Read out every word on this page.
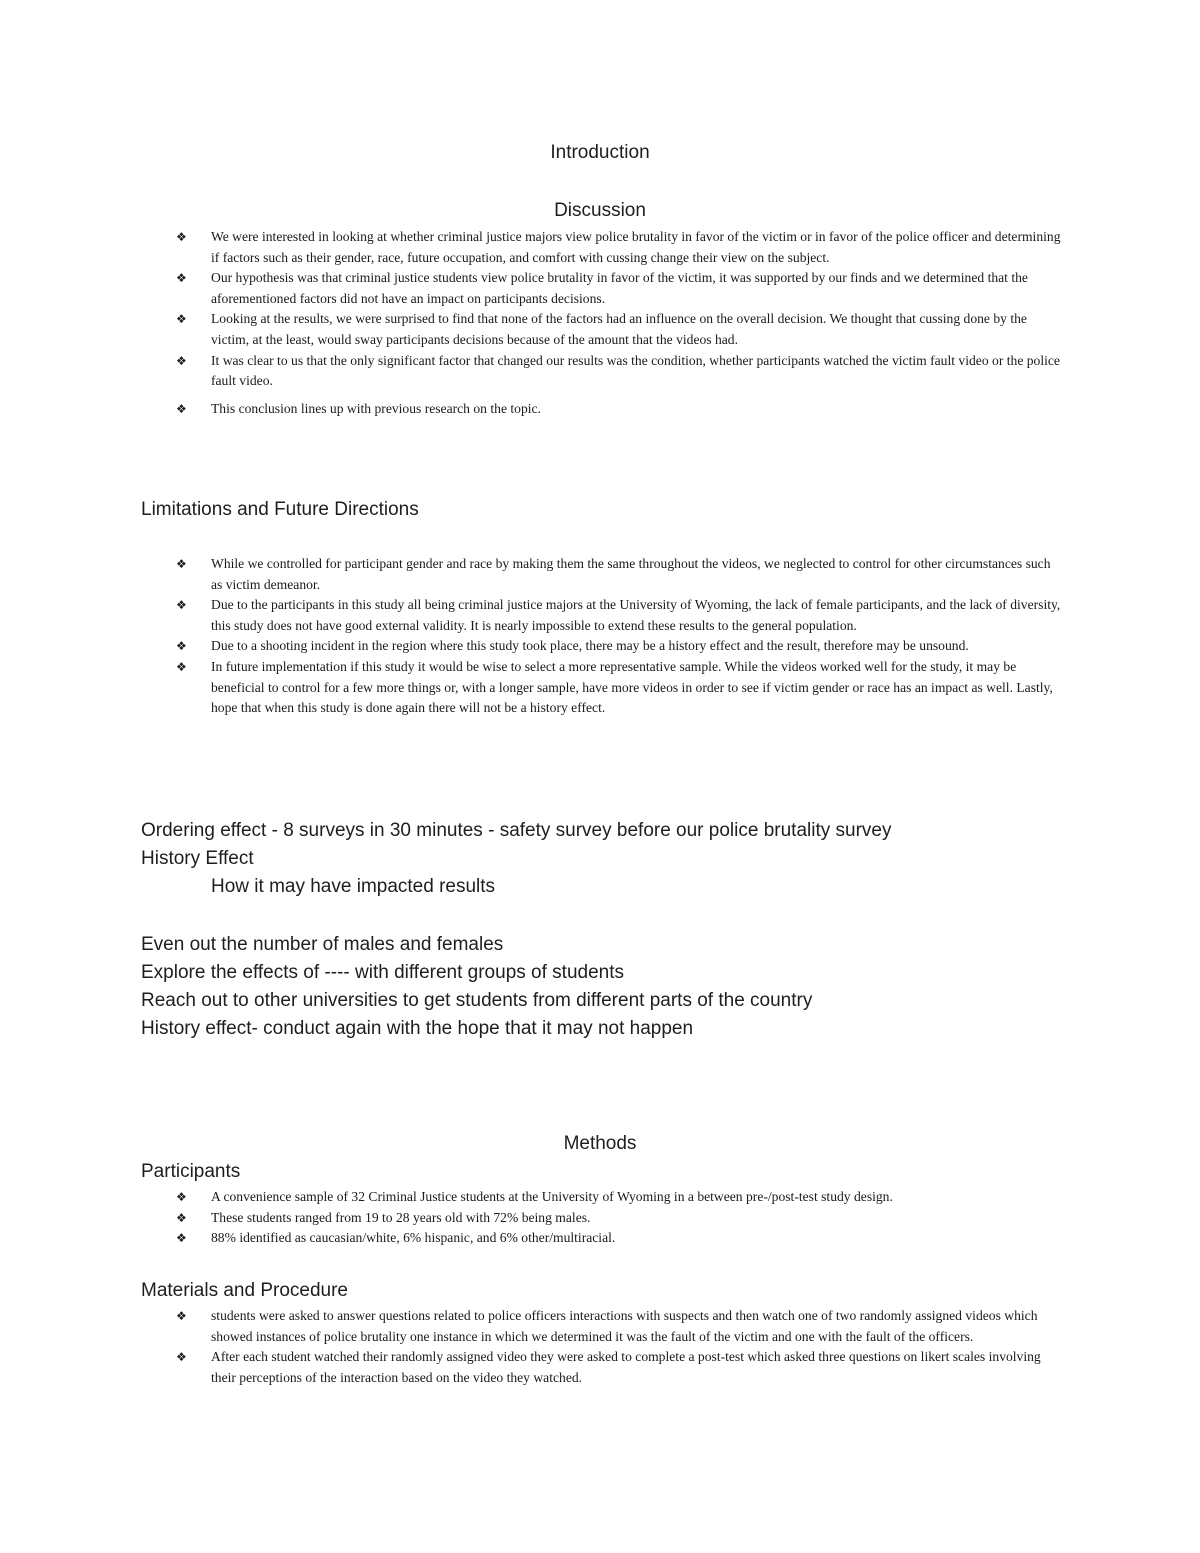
Introduction
Discussion
❖ We were interested in looking at whether criminal justice majors view police brutality in favor of the victim or in favor of the police officer and determining if factors such as their gender, race, future occupation, and comfort with cussing change their view on the subject.
❖ Our hypothesis was that criminal justice students view police brutality in favor of the victim, it was supported by our finds and we determined that the aforementioned factors did not have an impact on participants decisions.
❖ Looking at the results, we were surprised to find that none of the factors had an influence on the overall decision. We thought that cussing done by the victim, at the least, would sway participants decisions because of the amount that the videos had.
❖ It was clear to us that the only significant factor that changed our results was the condition, whether participants watched the victim fault video or the police fault video.
❖ This conclusion lines up with previous research on the topic.
Limitations and Future Directions
❖ While we controlled for participant gender and race by making them the same throughout the videos, we neglected to control for other circumstances such as victim demeanor.
❖ Due to the participants in this study all being criminal justice majors at the University of Wyoming, the lack of female participants, and the lack of diversity, this study does not have good external validity. It is nearly impossible to extend these results to the general population.
❖ Due to a shooting incident in the region where this study took place, there may be a history effect and the result, therefore may be unsound.
❖ In future implementation if this study it would be wise to select a more representative sample. While the videos worked well for the study, it may be beneficial to control for a few more things or, with a longer sample, have more videos in order to see if victim gender or race has an impact as well. Lastly, hope that when this study is done again there will not be a history effect.
Ordering effect - 8 surveys in 30 minutes - safety survey before our police brutality survey
History Effect
How it may have impacted results
Even out the number of males and females
Explore the effects of ---- with different groups of students
Reach out to other universities to get students from different parts of the country
History effect- conduct again with the hope that it may not happen
Methods
Participants
❖ A convenience sample of 32 Criminal Justice students at the University of Wyoming in a between pre-/post-test study design.
❖ These students ranged from 19 to 28 years old with 72% being males.
❖ 88% identified as caucasian/white, 6% hispanic, and 6% other/multiracial.
Materials and Procedure
❖ students were asked to answer questions related to police officers interactions with suspects and then watch one of two randomly assigned videos which showed instances of police brutality one instance in which we determined it was the fault of the victim and one with the fault of the officers.
❖ After each student watched their randomly assigned video they were asked to complete a post-test which asked three questions on likert scales involving their perceptions of the interaction based on the video they watched.
